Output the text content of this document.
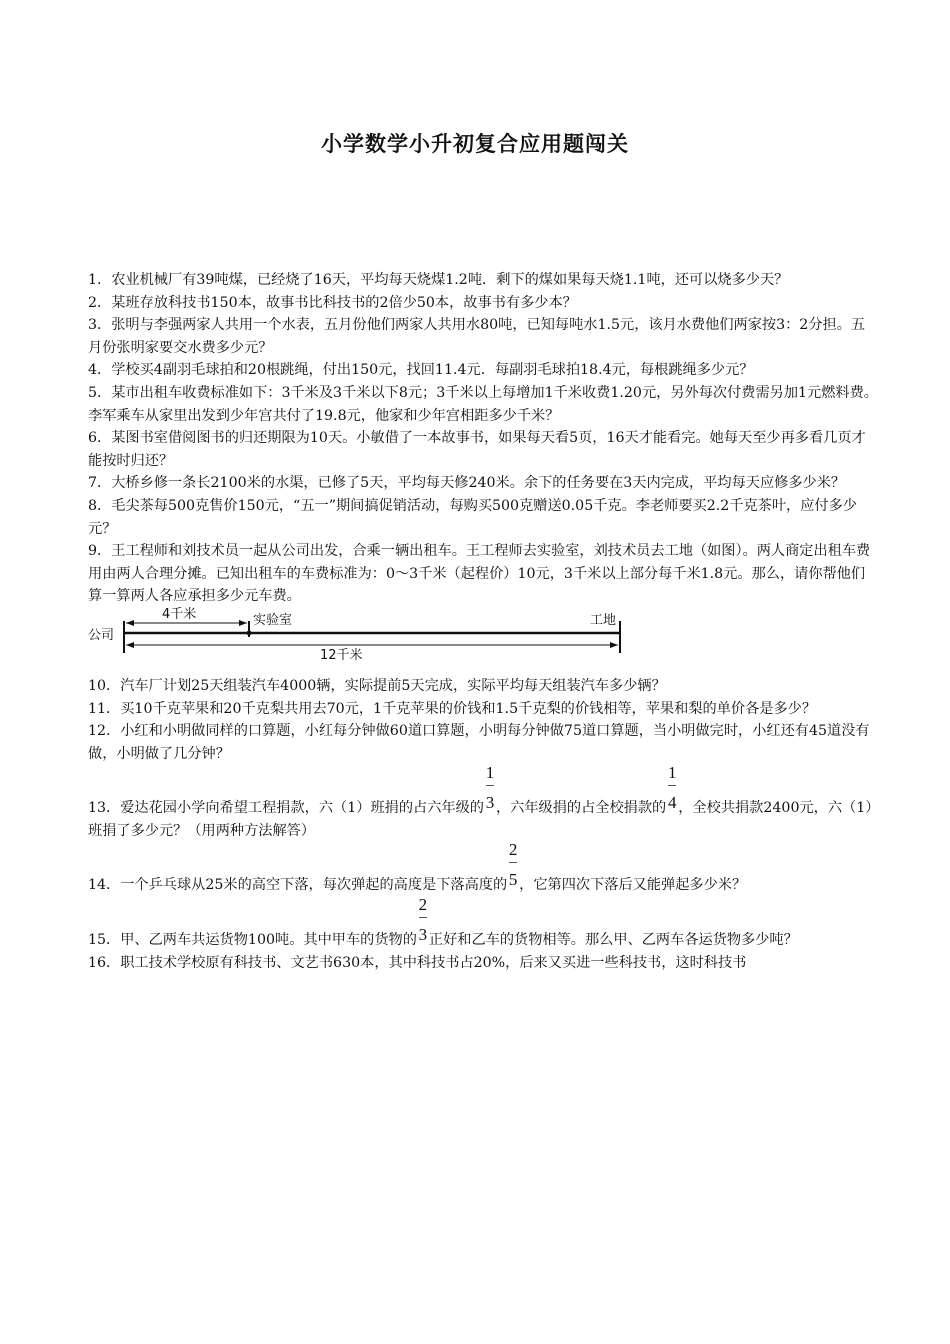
小学数学小升初复合应用题闯关

1．农业机械厂有39吨煤，已经烧了16天，平均每天烧煤1.2吨．剩下的煤如果每天烧1.1吨，还可以烧多少天？

2．某班存放科技书150本，故事书比科技书的2倍少50本，故事书有多少本？

3．张明与李强两家人共用一个水表，五月份他们两家人共用水80吨，已知每吨水1.5元，该月水费他们两家按3：2分担。五月份张明家要交水费多少元？

4．学校买4副羽毛球拍和20根跳绳，付出150元，找回11.4元．每副羽毛球拍18.4元，每根跳绳多少元？

5．某市出租车收费标准如下：3千米及3千米以下8元；3千米以上每增加1千米收费1.20元，另外每次付费需另加1元燃料费。李军乘车从家里出发到少年宫共付了19.8元，他家和少年宫相距多少千米？

6．某图书室借阅图书的归还期限为10天。小敏借了一本故事书，如果每天看5页，16天才能看完。她每天至少再多看几页才能按时归还？

7．大桥乡修一条长2100米的水渠，已修了5天，平均每天修240米。余下的任务要在3天内完成，平均每天应修多少米？

8．毛尖茶每500克售价150元，“五一”期间搞促销活动，每购买500克赠送0.05千克。李老师要买2.2千克茶叶，应付多少元？

9．王工程师和刘技术员一起从公司出发，合乘一辆出租车。王工程师去实验室，刘技术员去工地（如图）。两人商定出租车费用由两人合理分摊。已知出租车的车费标准为：0～3千米（起程价）10元，3千米以上部分每千米1.8元。那么，请你帮他们算一算两人各应承担多少元车费。

公司
4千米	实验室	工地
12千米

10．汽车厂计划25天组装汽车4000辆，实际提前5天完成，实际平均每天组装汽车多少辆？

11．买10千克苹果和20千克梨共用去70元，1千克苹果的价钱和1.5千克梨的价钱相等，苹果和梨的单价各是多少？

12．小红和小明做同样的口算题，小红每分钟做60道口算题，小明每分钟做75道口算题，当小明做完时，小红还有45道没有做，小明做了几分钟？

13．爱达花园小学向希望工程捐款，六（1）班捐的占六年级的 $\frac{1}{3}$ ，六年级捐的占全校捐款的 $\frac{1}{4}$ ，全校共捐款2400元，六（1）班捐了多少元？（用两种方法解答）

14．一个乒乓球从25米的高空下落，每次弹起的高度是下落高度的 $\frac{2}{5}$ ，它第四次下落后又能弹起多少米？

15．甲、乙两车共运货物100吨。其中甲车的货物的 $\frac{2}{3}$ 正好和乙车的货物相等。那么甲、乙两车各运货物多少吨？

16．职工技术学校原有科技书、文艺书630本，其中科技书占20%，后来又买进一些科技书，这时科技书
